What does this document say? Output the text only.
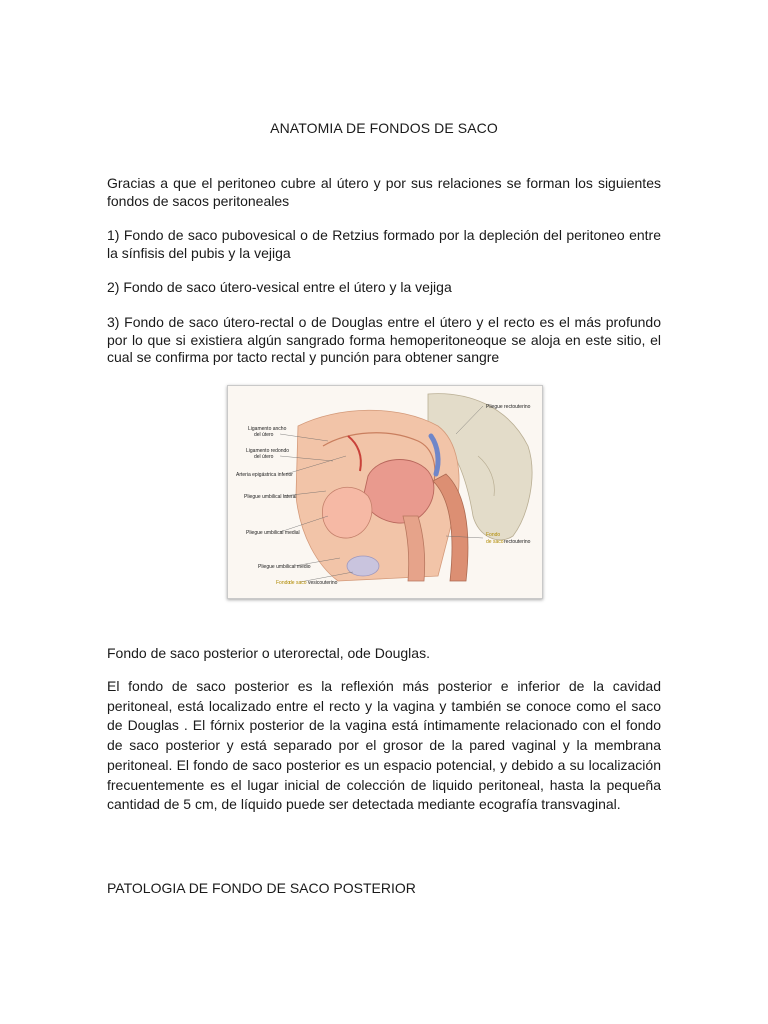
ANATOMIA DE FONDOS DE SACO

Gracias a que el peritoneo cubre al útero y por sus relaciones se forman los siguientes fondos de sacos peritoneales

1) Fondo de saco pubovesical o de Retzius formado por la depleción del peritoneo entre la sínfisis del pubis y la vejiga

2) Fondo de saco útero-vesical entre el útero y la vejiga

3) Fondo de saco útero-rectal o de Douglas entre el útero y el recto es el más profundo por lo que si existiera algún sangrado forma hemoperitoneoque se aloja en este sitio, el cual se confirma por tacto rectal y punción para obtener sangre

Ligamento ancho
del útero
Ligamento redondo
del útero
Arteria epigástrica inferior
Pliegue umbilical lateral
Pliegue umbilical medial
Pliegue umbilical medio
Fondo
de saco vesicouterino
Pliegue rectouterino
Fondo
de saco rectouterino

Fondo de saco posterior o uterorectal, ode Douglas.

El fondo de saco posterior es la reflexión más posterior e inferior de la cavidad peritoneal, está localizado entre el recto y la vagina y también se conoce como el saco de Douglas . El fórnix posterior de la vagina está íntimamente relacionado con el fondo de saco posterior y está separado por el grosor de la pared vaginal y la membrana peritoneal. El fondo de saco posterior es un espacio potencial, y debido a su localización frecuentemente es el lugar inicial de colección de liquido peritoneal, hasta la pequeña cantidad de 5 cm, de líquido puede ser detectada mediante ecografía transvaginal.

PATOLOGIA DE FONDO DE SACO POSTERIOR
